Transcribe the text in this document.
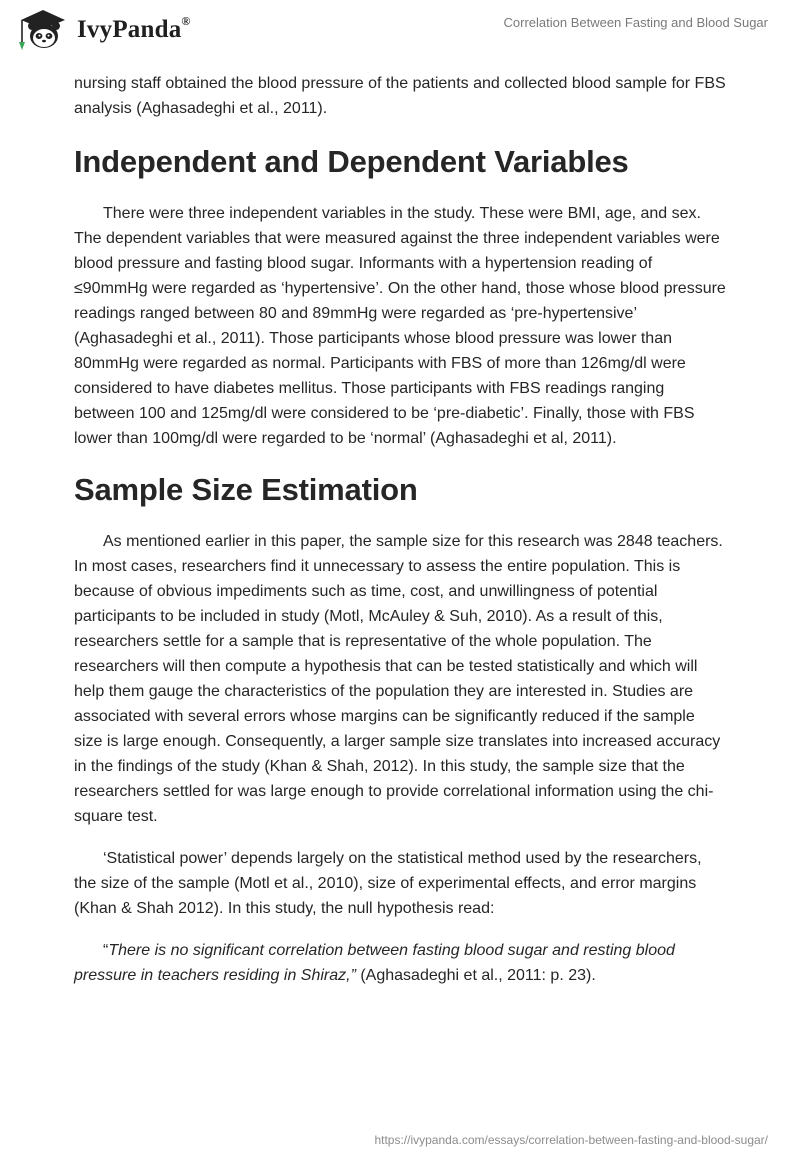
IvyPanda®	Correlation Between Fasting and Blood Sugar

nursing staff obtained the blood pressure of the patients and collected blood sample for FBS analysis (Aghasadeghi et al., 2011).

Independent and Dependent Variables

There were three independent variables in the study. These were BMI, age, and sex. The dependent variables that were measured against the three independent variables were blood pressure and fasting blood sugar. Informants with a hypertension reading of ≤90mmHg were regarded as ‘hypertensive’. On the other hand, those whose blood pressure readings ranged between 80 and 89mmHg were regarded as ‘pre-hypertensive’ (Aghasadeghi et al., 2011). Those participants whose blood pressure was lower than 80mmHg were regarded as normal. Participants with FBS of more than 126mg/dl were considered to have diabetes mellitus. Those participants with FBS readings ranging between 100 and 125mg/dl were considered to be ‘pre-diabetic’. Finally, those with FBS lower than 100mg/dl were regarded to be ‘normal’ (Aghasadeghi et al, 2011).

Sample Size Estimation

As mentioned earlier in this paper, the sample size for this research was 2848 teachers. In most cases, researchers find it unnecessary to assess the entire population. This is because of obvious impediments such as time, cost, and unwillingness of potential participants to be included in study (Motl, McAuley & Suh, 2010). As a result of this, researchers settle for a sample that is representative of the whole population. The researchers will then compute a hypothesis that can be tested statistically and which will help them gauge the characteristics of the population they are interested in. Studies are associated with several errors whose margins can be significantly reduced if the sample size is large enough. Consequently, a larger sample size translates into increased accuracy in the findings of the study (Khan & Shah, 2012). In this study, the sample size that the researchers settled for was large enough to provide correlational information using the chi-square test.

‘Statistical power’ depends largely on the statistical method used by the researchers, the size of the sample (Motl et al., 2010), size of experimental effects, and error margins (Khan & Shah 2012). In this study, the null hypothesis read:

“There is no significant correlation between fasting blood sugar and resting blood pressure in teachers residing in Shiraz,” (Aghasadeghi et al., 2011: p. 23).

https://ivypanda.com/essays/correlation-between-fasting-and-blood-sugar/
